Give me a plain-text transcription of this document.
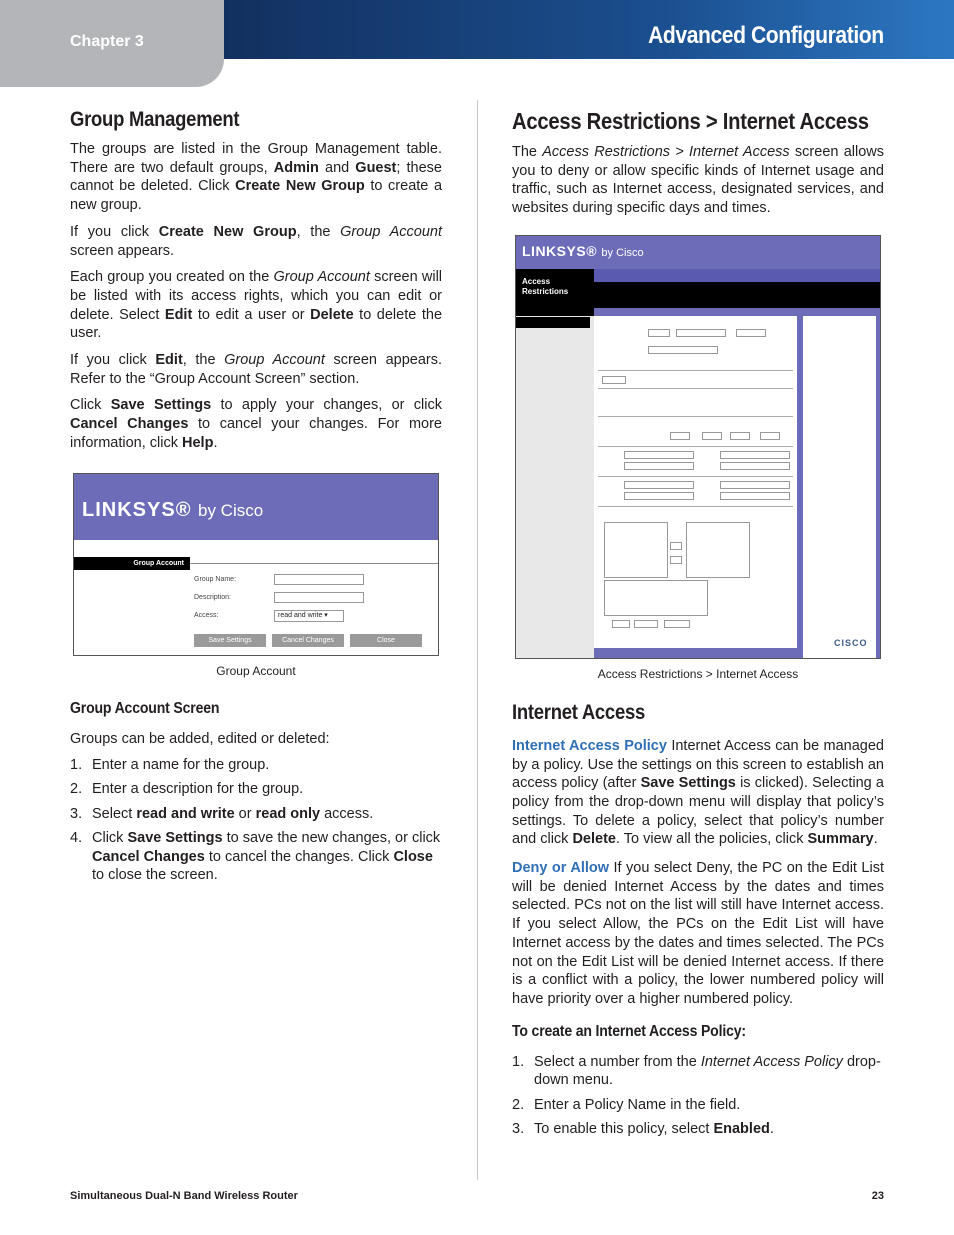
Chapter 3	Advanced Configuration
Group Management

The groups are listed in the Group Management table. There are two default groups, Admin and Guest; these cannot be deleted. Click Create New Group to create a new group.

If you click Create New Group, the Group Account screen appears.

Each group you created on the Group Account screen will be listed with its access rights, which you can edit or delete. Select Edit to edit a user or Delete to delete the user.

If you click Edit, the Group Account screen appears. Refer to the “Group Account Screen” section.

Click Save Settings to apply your changes, or click Cancel Changes to cancel your changes. For more information, click Help.

LINKSYS® by Cisco
Group Account
Group Name:
Description:
Access:	read and write ▾
Save Settings	Cancel Changes	Close
Group Account
Group Account Screen

Groups can be added, edited or deleted:

1. Enter a name for the group.
2. Enter a description for the group.
3. Select read and write or read only access.
4. Click Save Settings to save the new changes, or click Cancel Changes to cancel the changes. Click Close to close the screen.
Access Restrictions > Internet Access

The Access Restrictions > Internet Access screen allows you to deny or allow specific kinds of Internet usage and traffic, such as Internet access, designated services, and websites during specific days and times.

LINKSYS® by Cisco
Access
Restrictions
CISCO
Access Restrictions > Internet Access
Internet Access

Internet Access Policy Internet Access can be managed by a policy. Use the settings on this screen to establish an access policy (after Save Settings is clicked). Selecting a policy from the drop-down menu will display that policy’s settings. To delete a policy, select that policy’s number and click Delete. To view all the policies, click Summary.

Deny or Allow If you select Deny, the PC on the Edit List will be denied Internet Access by the dates and times selected. PCs not on the list will still have Internet access. If you select Allow, the PCs on the Edit List will have Internet access by the dates and times selected. The PCs not on the Edit List will be denied Internet access. If there is a conflict with a policy, the lower numbered policy will have priority over a higher numbered policy.

To create an Internet Access Policy:
1. Select a number from the Internet Access Policy drop-down menu.
2. Enter a Policy Name in the field.
3. To enable this policy, select Enabled.
Simultaneous Dual-N Band Wireless Router	23
